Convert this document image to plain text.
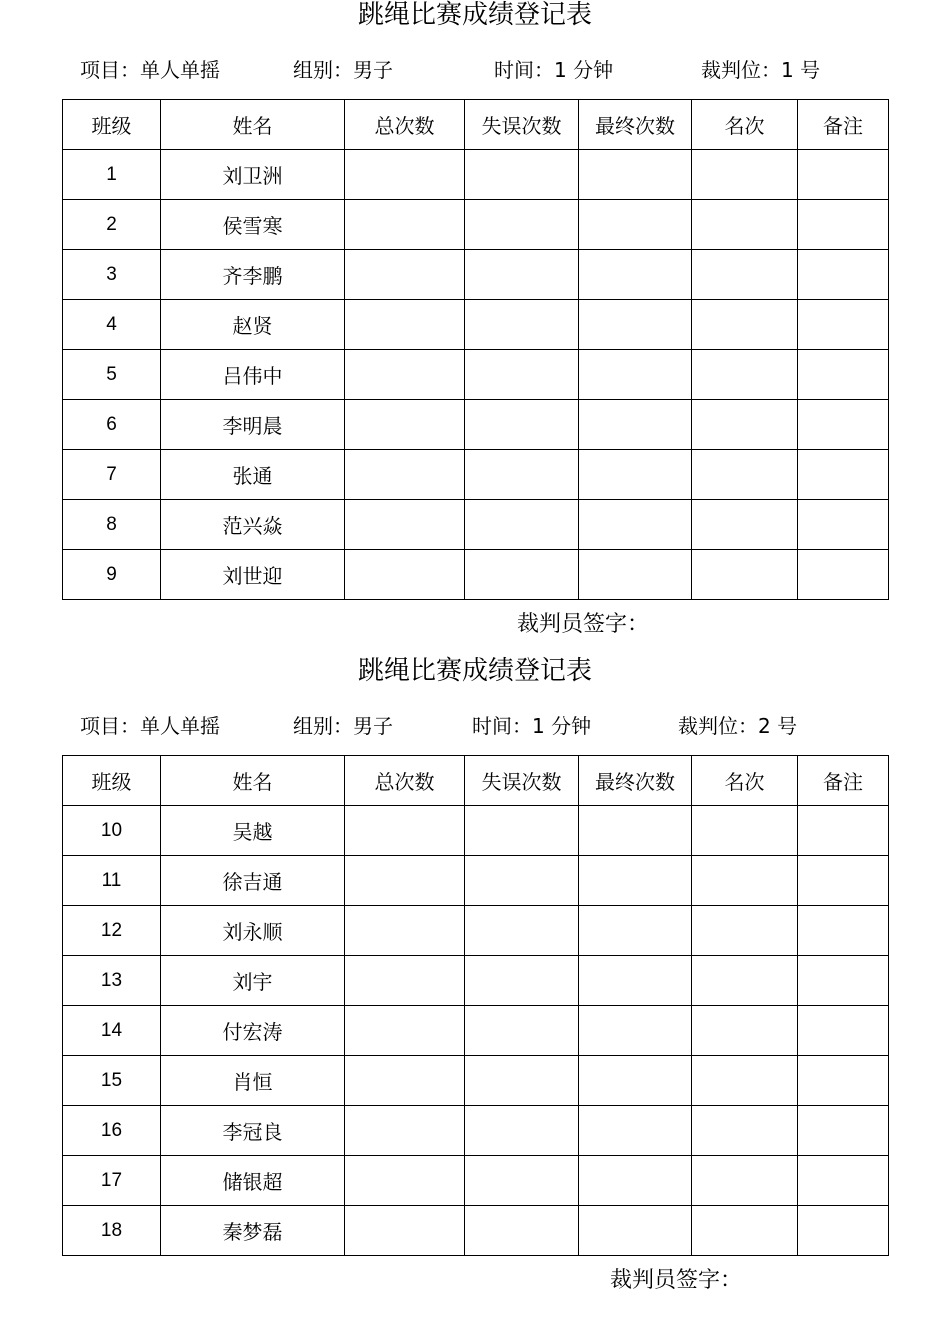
跳绳比赛成绩登记表
项目：单人单摇	组别：男子	时间：1 分钟	裁判位：1 号
班级	姓名	总次数	失误次数	最终次数	名次	备注
1	刘卫洲					
2	侯雪寒					
3	齐李鹏					
4	赵贤					
5	吕伟中					
6	李明晨					
7	张通					
8	范兴焱					
9	刘世迎					
裁判员签字：
跳绳比赛成绩登记表
项目：单人单摇	组别：男子	时间：1 分钟	裁判位：2 号
班级	姓名	总次数	失误次数	最终次数	名次	备注
10	吴越					
11	徐吉通					
12	刘永顺					
13	刘宇					
14	付宏涛					
15	肖恒					
16	李冠良					
17	储银超					
18	秦梦磊					
裁判员签字：
